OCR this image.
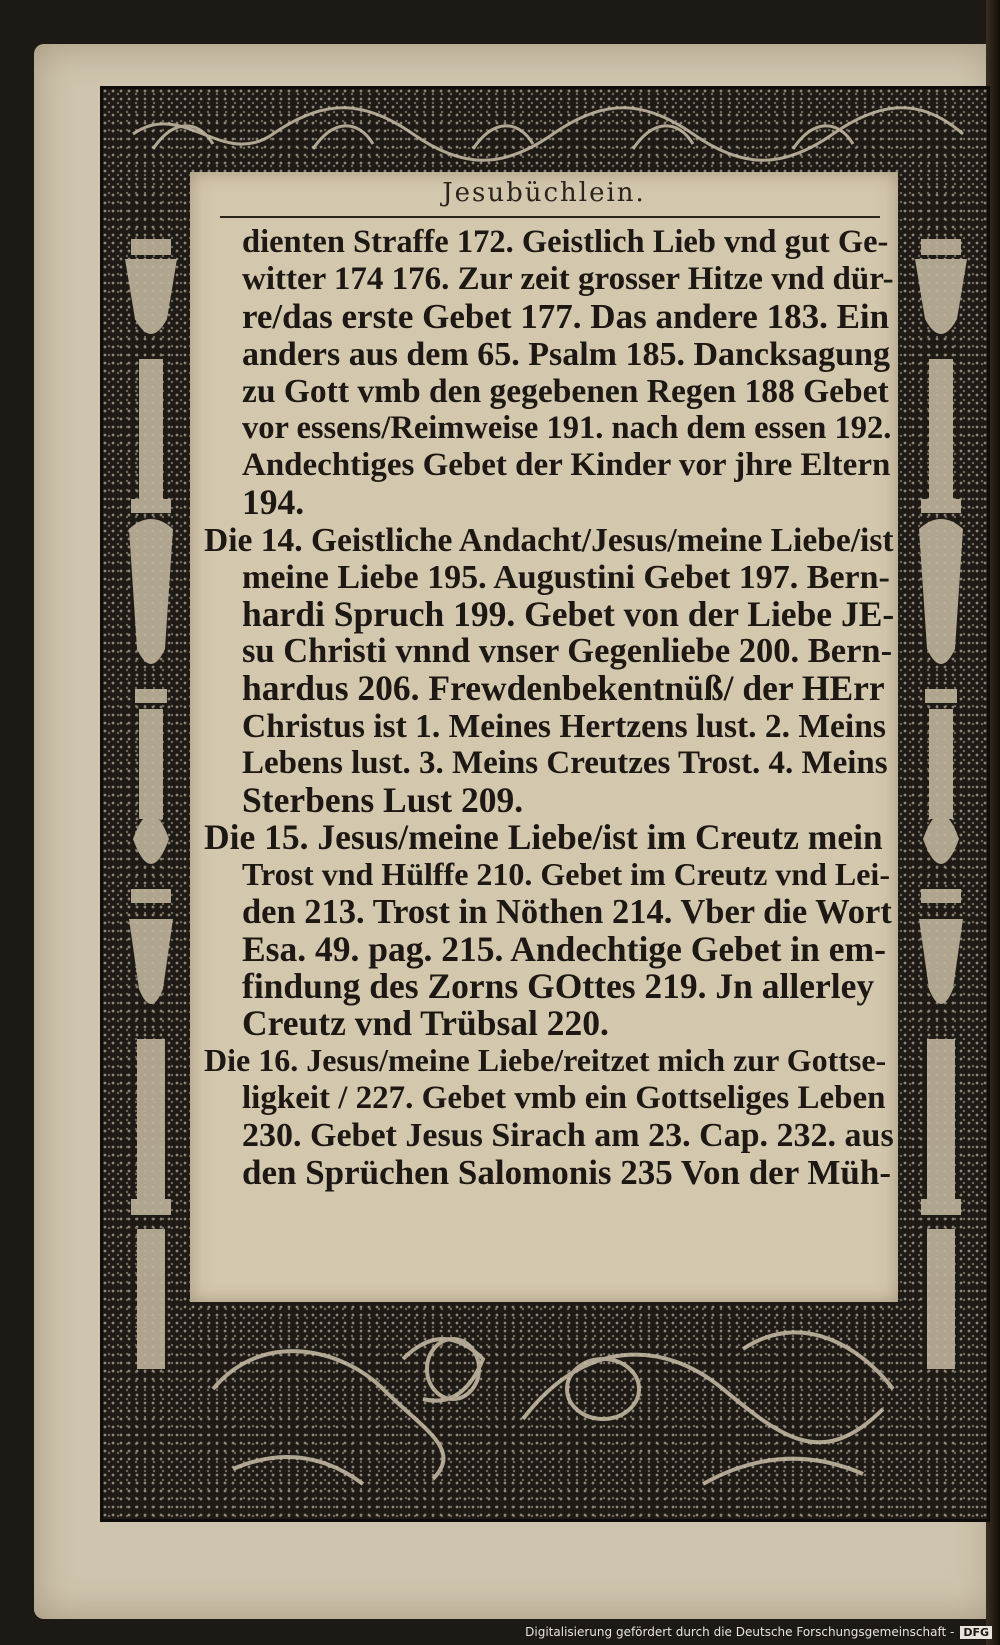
Jesubüchlein.
dienten Straffe 172. Geistlich Lieb vnd gut Ge-
witter 174 176. Zur zeit grosser Hitze vnd dür-
re/das erste Gebet 177. Das andere 183. Ein
anders aus dem 65. Psalm 185. Dancksagung
zu Gott vmb den gegebenen Regen 188 Gebet
vor essens/Reimweise 191. nach dem essen 192.
Andechtiges Gebet der Kinder vor jhre Eltern
194.
Die 14. Geistliche Andacht/Jesus/meine Liebe/ist
meine Liebe 195. Augustini Gebet 197. Bern-
hardi Spruch 199. Gebet von der Liebe JE-
su Christi vnnd vnser Gegenliebe 200. Bern-
hardus 206. Frewdenbekentnüß/ der HErr
Christus ist 1. Meines Hertzens lust. 2. Meins
Lebens lust. 3. Meins Creutzes Trost. 4. Meins
Sterbens Lust 209.
Die 15. Jesus/meine Liebe/ist im Creutz mein
Trost vnd Hülffe 210. Gebet im Creutz vnd Lei-
den 213. Trost in Nöthen 214. Vber die Wort
Esa. 49. pag. 215. Andechtige Gebet in em-
findung des Zorns GOttes 219. Jn allerley
Creutz vnd Trübsal 220.
Die 16. Jesus/meine Liebe/reitzet mich zur Gottse-
ligkeit / 227. Gebet vmb ein Gottseliges Leben
230. Gebet Jesus Sirach am 23. Cap. 232. aus
den Sprüchen Salomonis 235 Von der Müh-
Digitalisierung gefördert durch die Deutsche Forschungsgemeinschaft - DFG
